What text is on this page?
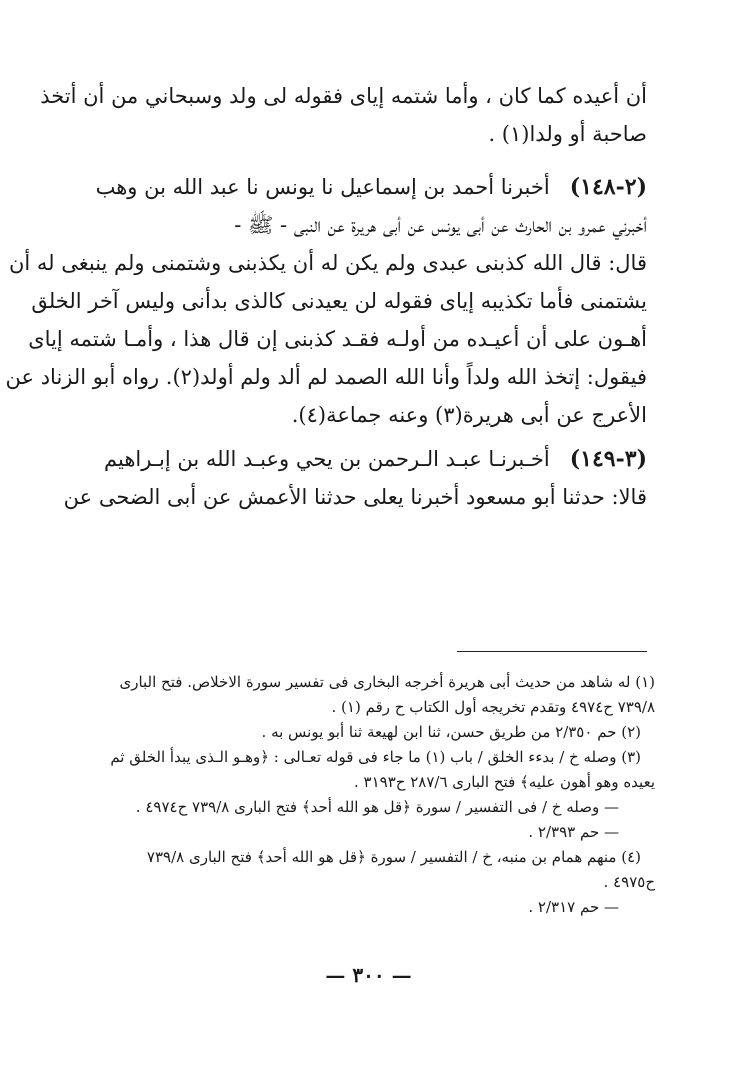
أن أعيده كما كان ، وأما شتمه إياى فقوله لى ولد وسبحاني من أن أتخذ
صاحبة أو ولدا(١) .
(٢-١٤٨)   أخبرنا أحمد بن إسماعيل نا يونس نا عبد الله بن وهب
أخبرني عمرو بن الحارث عن أبى يونس عن أبى هريرة عن النبى - ﷺ -
قال: قال الله كذبنى عبدى ولم يكن له أن يكذبنى وشتمنى ولم ينبغى له أن
يشتمنى فأما تكذيبه إياى فقوله لن يعيدنى كالذى بدأنى وليس آخر الخلق
أهـون على أن أعيـده من أولـه فقـد كذبنى إن قال هذا ، وأمـا شتمه إياى
فيقول: إتخذ الله ولداً وأنا الله الصمد لم ألد ولم أولد(٢). رواه أبو الزناد عن
الأعرج عن أبى هريرة(٣) وعنه جماعة(٤).
(٣-١٤٩)   أخـبرنـا عبـد الـرحمن بن يحي وعبـد الله بن إبـراهيم
قالا: حدثنا أبو مسعود أخبرنا يعلى حدثنا الأعمش عن أبى الضحى عن
(١) له شاهد من حديث أبى هريرة أخرجه البخارى فى تفسير سورة الاخلاص. فتح البارى
٧٣٩/٨ ح٤٩٧٤ وتقدم تخريجه أول الكتاب ح رقم (١) .
(٢) حم ٢/٣٥٠ من طريق حسن، ثنا ابن لهيعة ثنا أبو يونس به .
(٣) وصله خ / بدءء الخلق / باب (١) ما جاء فى قوله تعـالى : ﴿وهـو الـذى يبدأ الخلق ثم
يعيده وهو أهون عليه﴾ فتح البارى ٢٨٧/٦ ح٣١٩٣ .
— وصله خ / فى التفسير / سورة ﴿قل هو الله أحد﴾ فتح البارى ٧٣٩/٨ ح٤٩٧٤ .
— حم ٢/٣٩٣ .
(٤) منهم همام بن منبه، خ / التفسير / سورة ﴿قل هو الله أحد﴾ فتح البارى ٧٣٩/٨
ح٤٩٧٥ .
— حم ٢/٣١٧ .
— ٣٠٠ —
